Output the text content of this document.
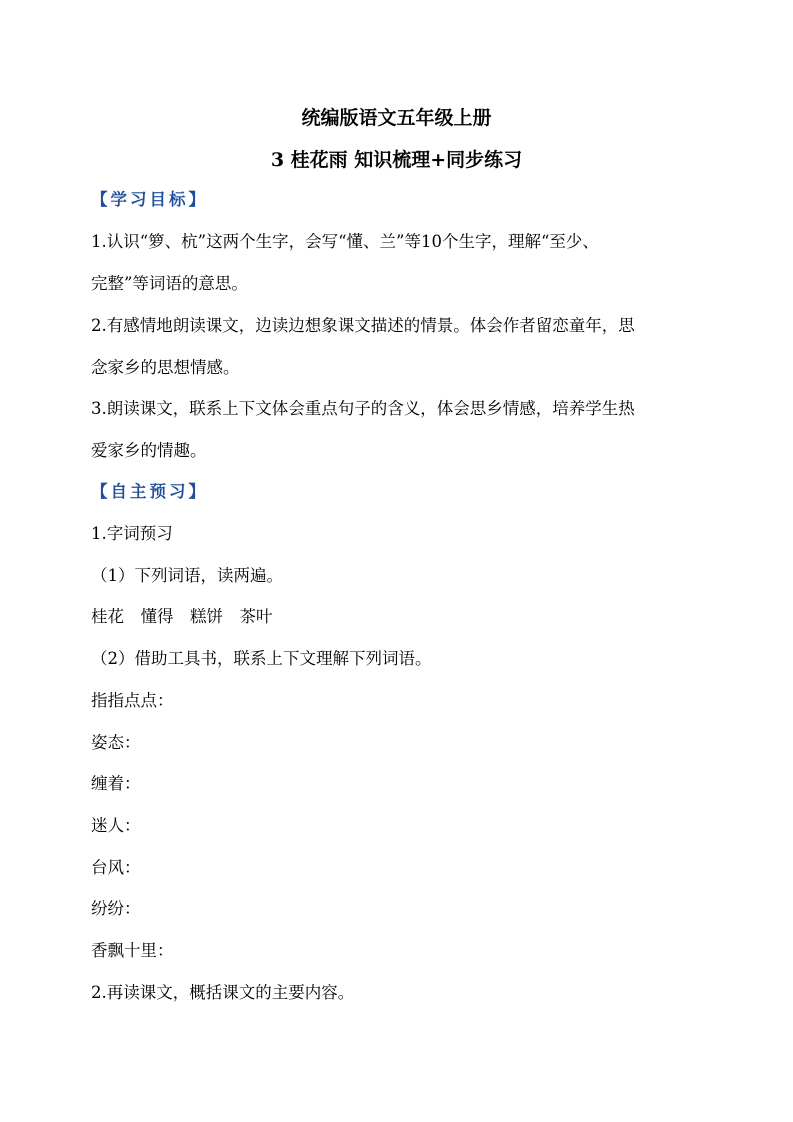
统编版语文五年级上册
3 桂花雨 知识梳理+同步练习
【学习目标】
1.认识“箩、杭”这两个生字，会写“懂、兰”等10个生字，理解“至少、
完整”等词语的意思。
2.有感情地朗读课文，边读边想象课文描述的情景。体会作者留恋童年，思
念家乡的思想情感。
3.朗读课文，联系上下文体会重点句子的含义，体会思乡情感，培养学生热
爱家乡的情趣。
【自主预习】
1.字词预习
（1）下列词语，读两遍。
桂花　懂得　糕饼　茶叶
（2）借助工具书，联系上下文理解下列词语。
指指点点：
姿态：
缠着：
迷人：
台风：
纷纷：
香飘十里：
2.再读课文，概括课文的主要内容。
